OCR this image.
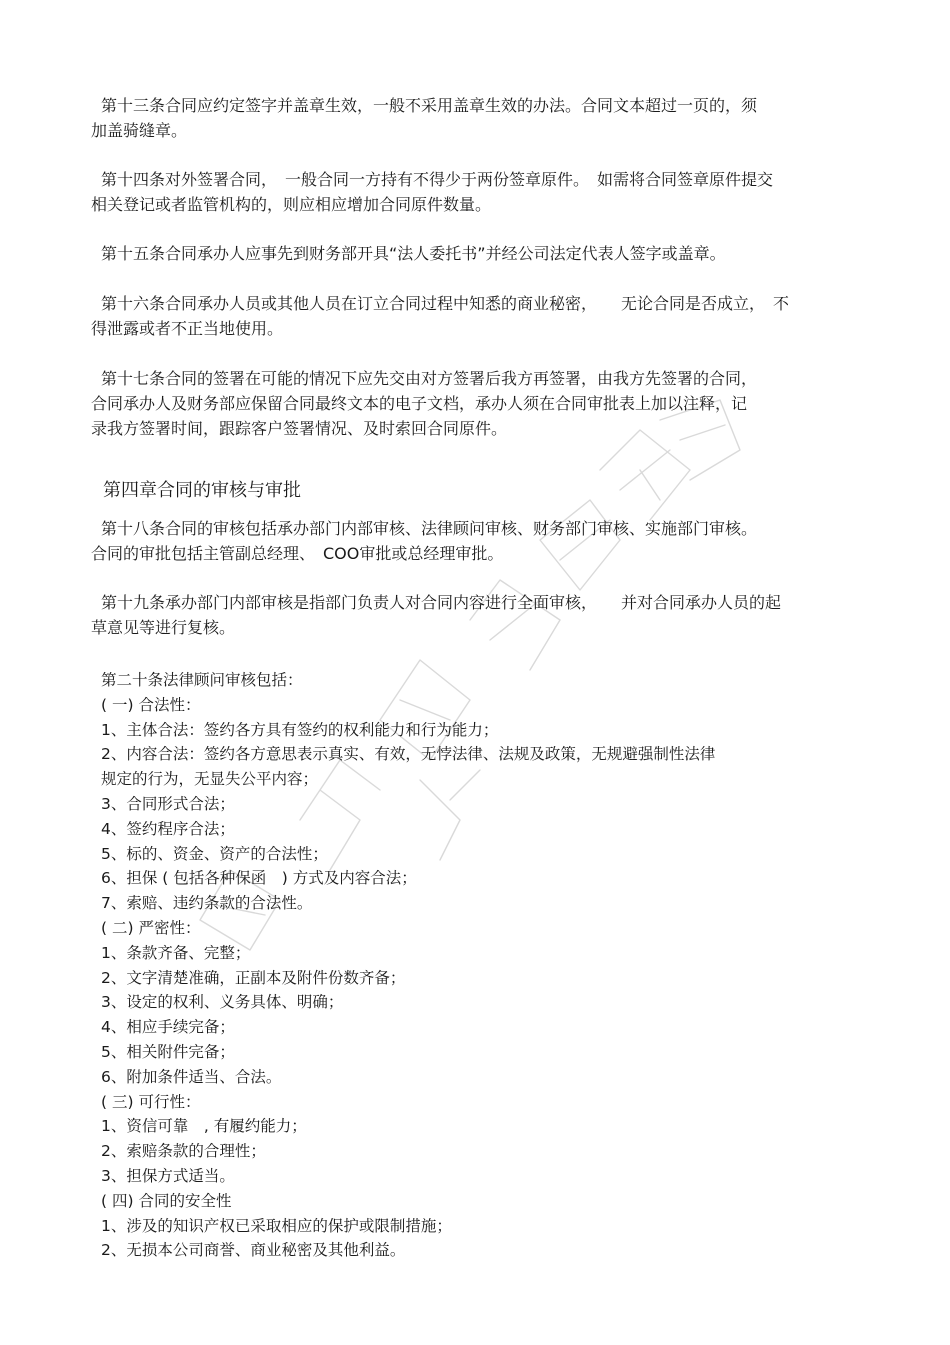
第十三条合同应约定签字并盖章生效，一般不采用盖章生效的办法。合同文本超过一页的，须

加盖骑缝章。

第十四条对外签署合同，　一般合同一方持有不得少于两份签章原件。　如需将合同签章原件提交

相关登记或者监管机构的，则应相应增加合同原件数量。

第十五条合同承办人应事先到财务部开具“法人委托书”并经公司法定代表人签字或盖章。

第十六条合同承办人员或其他人员在订立合同过程中知悉的商业秘密，　　无论合同是否成立，　不

得泄露或者不正当地使用。

第十七条合同的签署在可能的情况下应先交由对方签署后我方再签署，由我方先签署的合同，

合同承办人及财务部应保留合同最终文本的电子文档，承办人须在合同审批表上加以注释，记

录我方签署时间，跟踪客户签署情况、及时索回合同原件。

第四章合同的审核与审批

第十八条合同的审核包括承办部门内部审核、法律顾问审核、财务部门审核、实施部门审核。

合同的审批包括主管副总经理、　COO审批或总经理审批。

第十九条承办部门内部审核是指部门负责人对合同内容进行全面审核，　　并对合同承办人员的起

草意见等进行复核。

第二十条法律顾问审核包括：
( 一) 合法性：
1、主体合法：签约各方具有签约的权利能力和行为能力；
2、内容合法：签约各方意思表示真实、有效，无悖法律、法规及政策，无规避强制性法律
规定的行为，无显失公平内容；
3、合同形式合法；
4、签约程序合法；
5、标的、资金、资产的合法性；
6、担保 ( 包括各种保函　) 方式及内容合法；
7、索赔、违约条款的合法性。
( 二) 严密性：
1、条款齐备、完整；
2、文字清楚准确，正副本及附件份数齐备；
3、设定的权利、义务具体、明确；
4、相应手续完备；
5、相关附件完备；
6、附加条件适当、合法。
( 三) 可行性：
1、资信可靠　, 有履约能力；
2、索赔条款的合理性；
3、担保方式适当。
( 四) 合同的安全性
1、涉及的知识产权已采取相应的保护或限制措施；
2、无损本公司商誉、商业秘密及其他利益。
